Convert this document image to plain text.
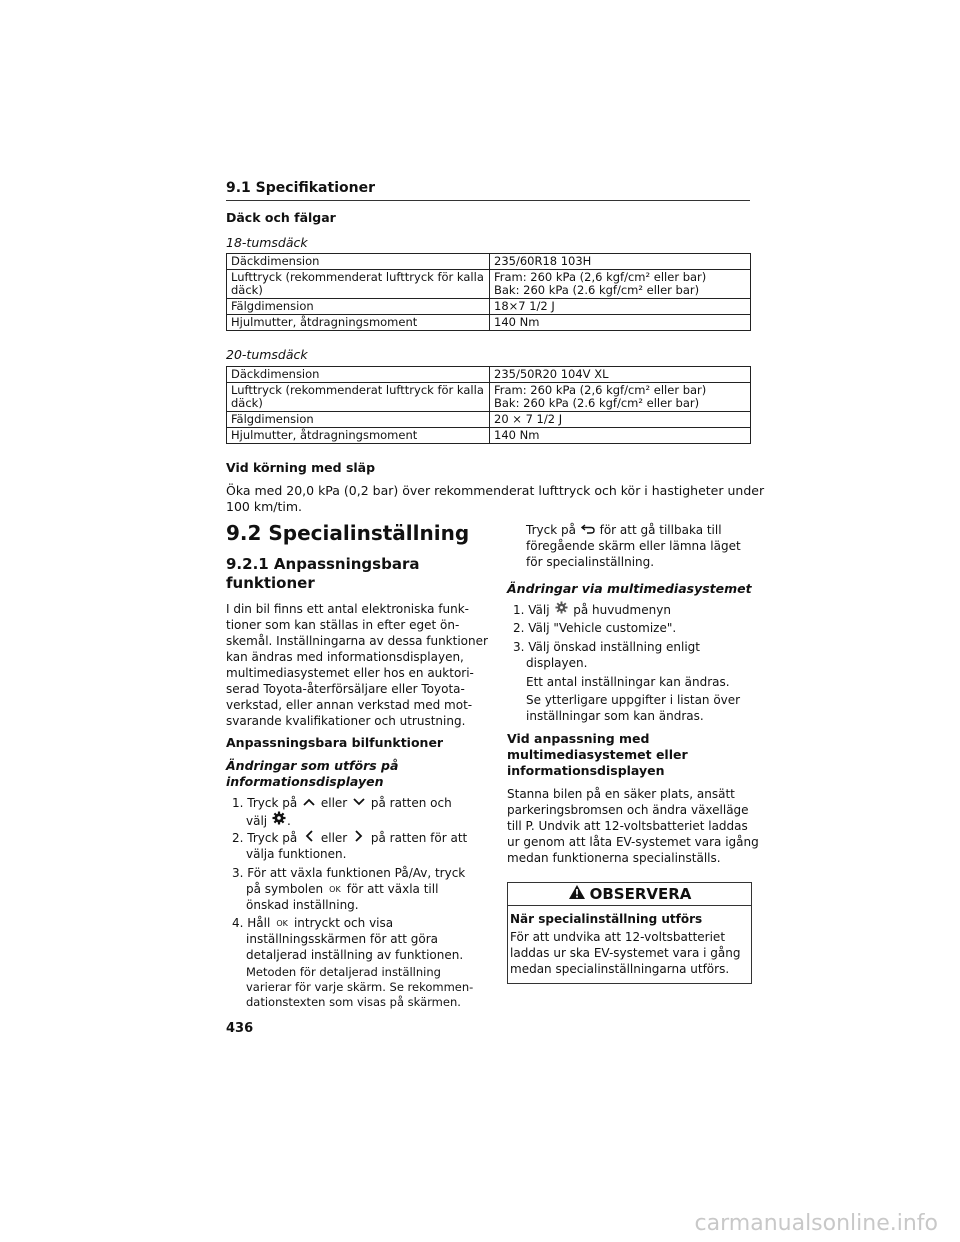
9.1 Specifikationer
Däck och fälgar
18-tumsdäck
Däckdimension	235/60R18 103H
Lufttryck (rekommenderat lufttryck för kalla däck)	Fram: 260 kPa (2,6 kgf/cm² eller bar)
Bak: 260 kPa (2.6 kgf/cm² eller bar)
Fälgdimension	18×7 1/2 J
Hjulmutter, åtdragningsmoment	140 Nm
20-tumsdäck
Däckdimension	235/50R20 104V XL
Lufttryck (rekommenderat lufttryck för kalla däck)	Fram: 260 kPa (2,6 kgf/cm² eller bar)
Bak: 260 kPa (2.6 kgf/cm² eller bar)
Fälgdimension	20 × 7 1/2 J
Hjulmutter, åtdragningsmoment	140 Nm
Vid körning med släp
Öka med 20,0 kPa (0,2 bar) över rekommenderat lufttryck och kör i hastigheter under
100 km/tim.
9.2 Specialinställning
9.2.1 Anpassningsbara
funktioner
I din bil finns ett antal elektroniska funk-
tioner som kan ställas in efter eget ön-
skemål. Inställningarna av dessa funktioner
kan ändras med informationsdisplayen,
multimediasystemet eller hos en auktori-
serad Toyota-återförsäljare eller Toyota-
verkstad, eller annan verkstad med mot-
svarande kvalifikationer och utrustning.
Anpassningsbara bilfunktioner
Ändringar som utförs på
informationsdisplayen
1. Tryck på eller på ratten och
välj .
2. Tryck på eller på ratten för att
välja funktionen.
3. För att växla funktionen På/Av, tryck
på symbolen OK för att växla till
önskad inställning.
4. Håll OK intryckt och visa
inställningsskärmen för att göra
detaljerad inställning av funktionen.
Metoden för detaljerad inställning
varierar för varje skärm. Se rekommen-
dationstexten som visas på skärmen.
Tryck på för att gå tillbaka till
föregående skärm eller lämna läget
för specialinställning.
Ändringar via multimediasystemet
1. Välj på huvudmenyn
2. Välj "Vehicle customize".
3. Välj önskad inställning enligt
displayen.
Ett antal inställningar kan ändras.
Se ytterligare uppgifter i listan över
inställningar som kan ändras.
Vid anpassning med
multimediasystemet eller
informationsdisplayen
Stanna bilen på en säker plats, ansätt
parkeringsbromsen och ändra växelläge
till P. Undvik att 12-voltsbatteriet laddas
ur genom att låta EV-systemet vara igång
medan funktionerna specialinställs.
OBSERVERA
När specialinställning utförs
För att undvika att 12-voltsbatteriet
laddas ur ska EV-systemet vara i gång
medan specialinställningarna utförs.
436
carmanualsonline.info
